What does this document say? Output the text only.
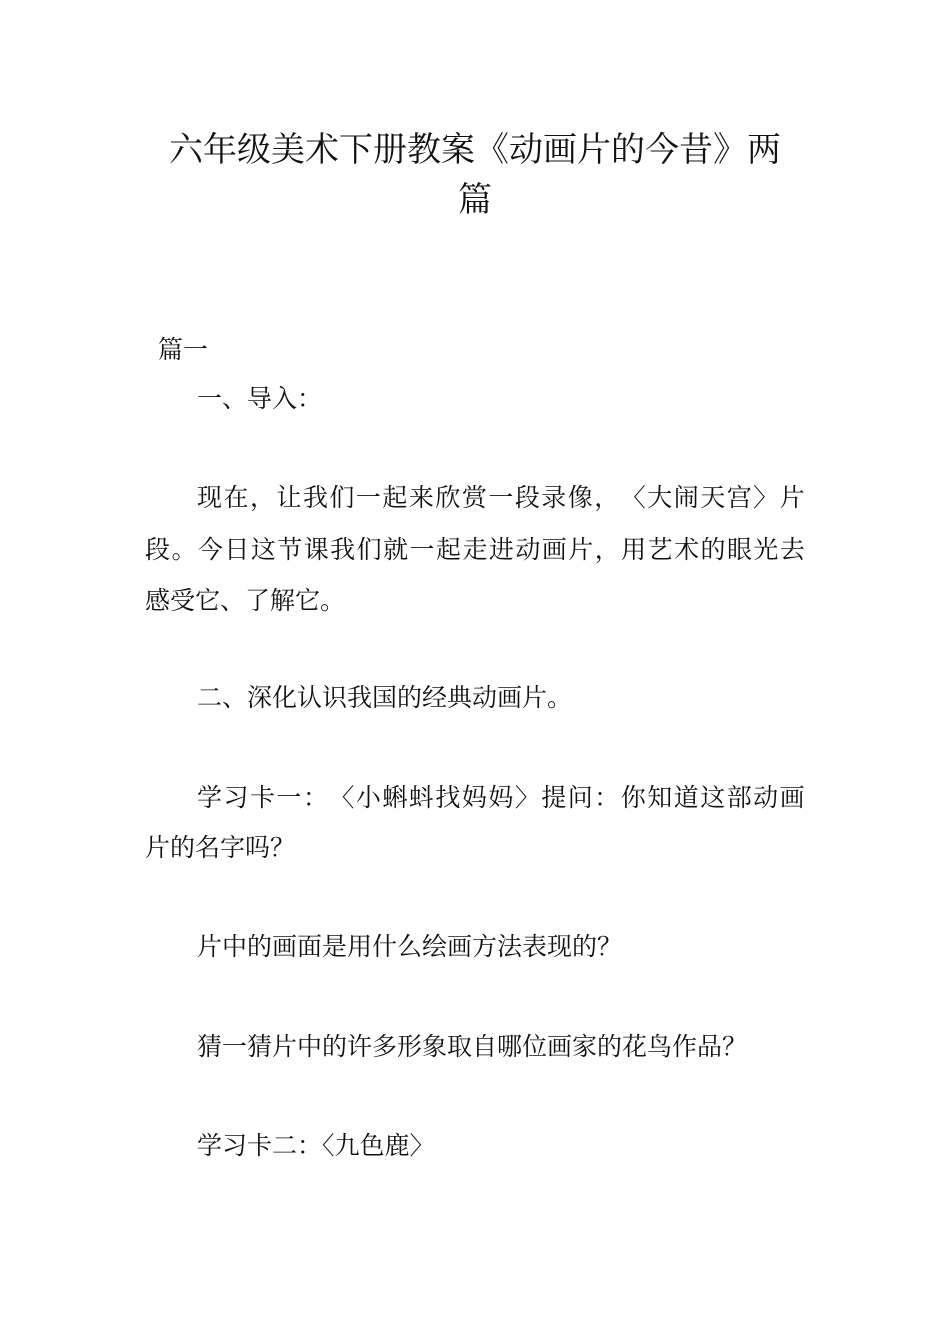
六年级美术下册教案《动画片的今昔》两
篇
篇一
一、导入：
现 在 ， 让 我 们 一 起 来 欣 赏 一 段 录 像 ， 〈 大 闹 天 宫 〉 片
段 。 今 日 这 节 课 我 们 就 一 起 走 进 动 画 片 ， 用 艺 术 的 眼 光 去
感受它、了解它。
二、深化认识我国的经典动画片。
学 习 卡 一 ： 〈 小 蝌 蚪 找 妈 妈 〉 提 问 ： 你 知 道 这 部 动 画
片的名字吗？
片中的画面是用什么绘画方法表现的？
猜一猜片中的许多形象取自哪位画家的花鸟作品？
学习卡二：〈九色鹿〉
